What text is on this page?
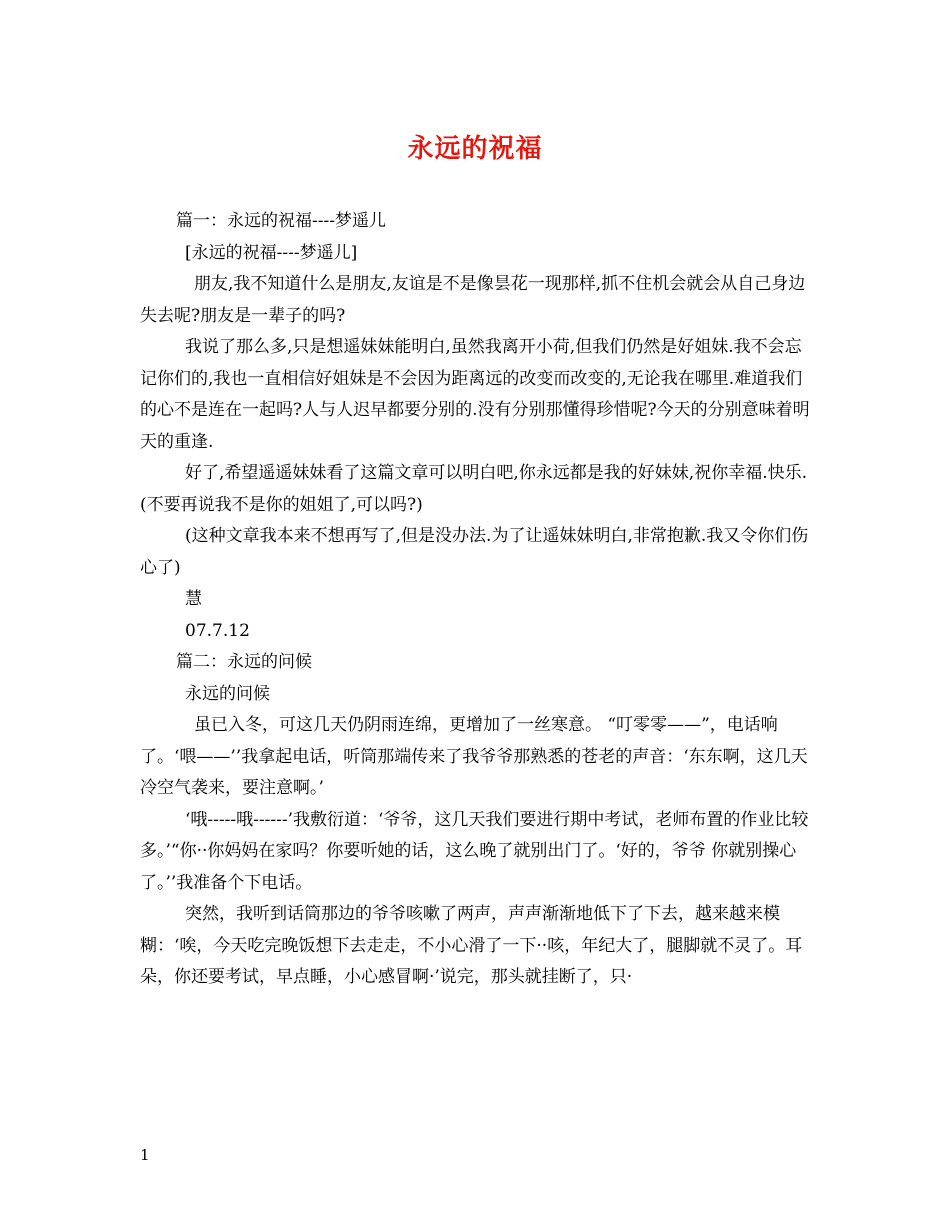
永远的祝福

篇一：永远的祝福----梦遥儿

[永远的祝福----梦遥儿]

朋友,我不知道什么是朋友,友谊是不是像昙花一现那样,抓不住机会就会从自己身边失去呢?朋友是一辈子的吗?

我说了那么多,只是想遥妹妹能明白,虽然我离开小荷,但我们仍然是好姐妹.我不会忘记你们的,我也一直相信好姐妹是不会因为距离远的改变而改变的,无论我在哪里.难道我们的心不是连在一起吗?人与人迟早都要分别的.没有分别那懂得珍惜呢?今天的分别意味着明天的重逢.

好了,希望遥遥妹妹看了这篇文章可以明白吧,你永远都是我的好妹妹,祝你幸福.快乐.(不要再说我不是你的姐姐了,可以吗?)

(这种文章我本来不想再写了,但是没办法.为了让遥妹妹明白,非常抱歉.我又令你们伤心了)

慧

07.7.12

篇二：永远的问候

永远的问候

虽已入冬，可这几天仍阴雨连绵，更增加了一丝寒意。 “叮零零——”，电话响了。‘喂——’’我拿起电话，听筒那端传来了我爷爷那熟悉的苍老的声音：‘东东啊，这几天冷空气袭来，要注意啊。’

‘哦-----哦------’我敷衍道：‘爷爷，这几天我们要进行期中考试，老师布置的作业比较多。’“你··你妈妈在家吗？你要听她的话，这么晚了就别出门了。‘好的，爷爷 你就别操心了。’’我准备个下电话。

突然，我听到话筒那边的爷爷咳嗽了两声，声声渐渐地低下了下去，越来越来模糊：‘唉，今天吃完晚饭想下去走走，不小心滑了一下··咳，年纪大了，腿脚就不灵了。耳朵，你还要考试，早点睡，小心感冒啊·’说完，那头就挂断了，只·

1
